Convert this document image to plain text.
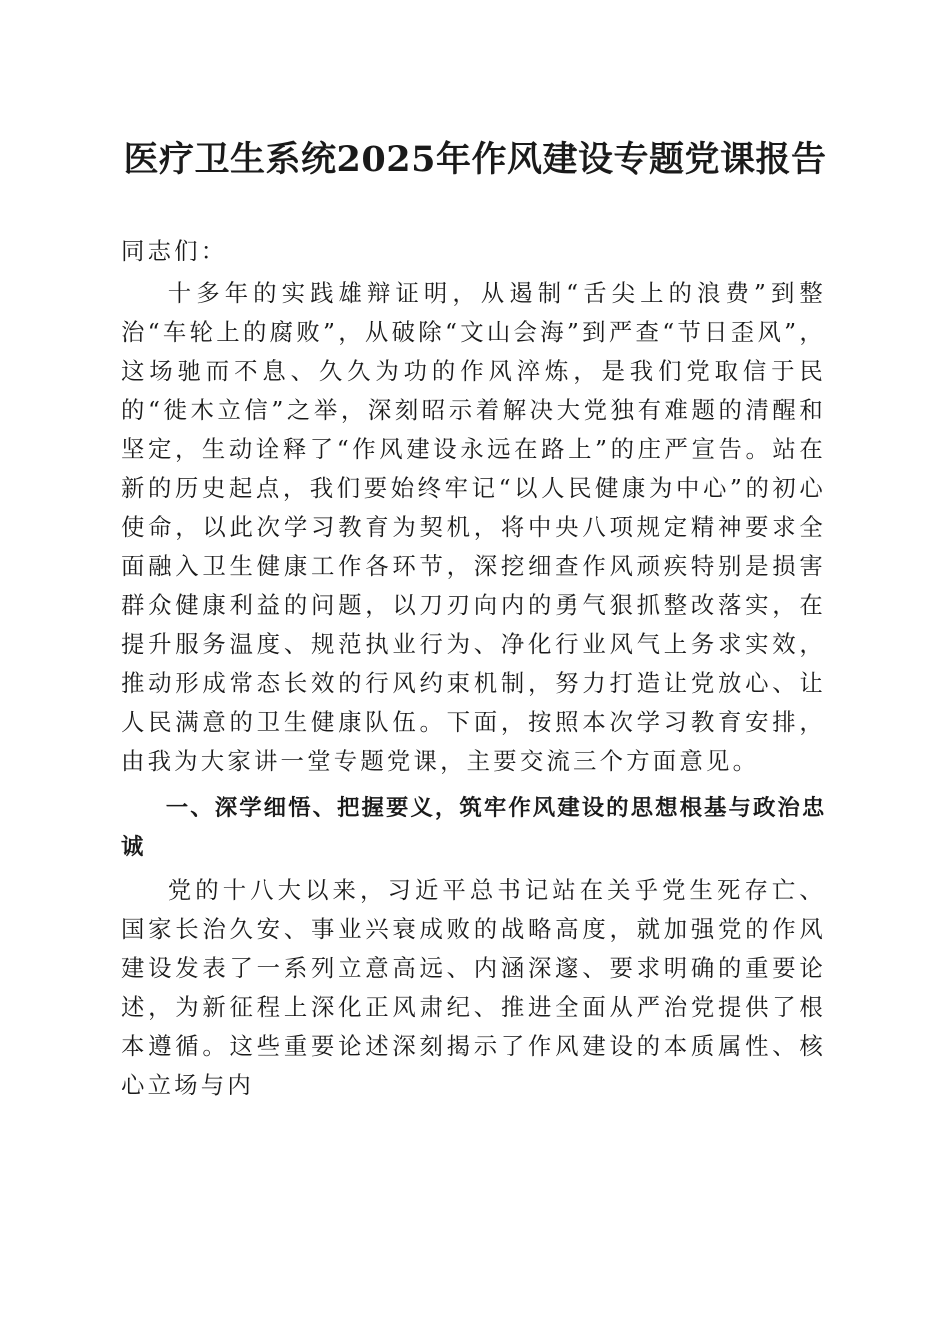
医疗卫生系统2025年作风建设专题党课报告

同志们：

十多年的实践雄辩证明，从遏制“舌尖上的浪费”到整治“车轮上的腐败”，从破除“文山会海”到严查“节日歪风”，这场驰而不息、久久为功的作风淬炼，是我们党取信于民的“徙木立信”之举，深刻昭示着解决大党独有难题的清醒和坚定，生动诠释了“作风建设永远在路上”的庄严宣告。站在新的历史起点，我们要始终牢记“以人民健康为中心”的初心使命，以此次学习教育为契机，将中央八项规定精神要求全面融入卫生健康工作各环节，深挖细查作风顽疾特别是损害群众健康利益的问题，以刀刃向内的勇气狠抓整改落实，在提升服务温度、规范执业行为、净化行业风气上务求实效，推动形成常态长效的行风约束机制，努力打造让党放心、让人民满意的卫生健康队伍。下面，按照本次学习教育安排，由我为大家讲一堂专题党课，主要交流三个方面意见。

一、深学细悟、把握要义，筑牢作风建设的思想根基与政治忠诚

党的十八大以来，习近平总书记站在关乎党生死存亡、国家长治久安、事业兴衰成败的战略高度，就加强党的作风建设发表了一系列立意高远、内涵深邃、要求明确的重要论述，为新征程上深化正风肃纪、推进全面从严治党提供了根本遵循。这些重要论述深刻揭示了作风建设的本质属性、核心立场与内
